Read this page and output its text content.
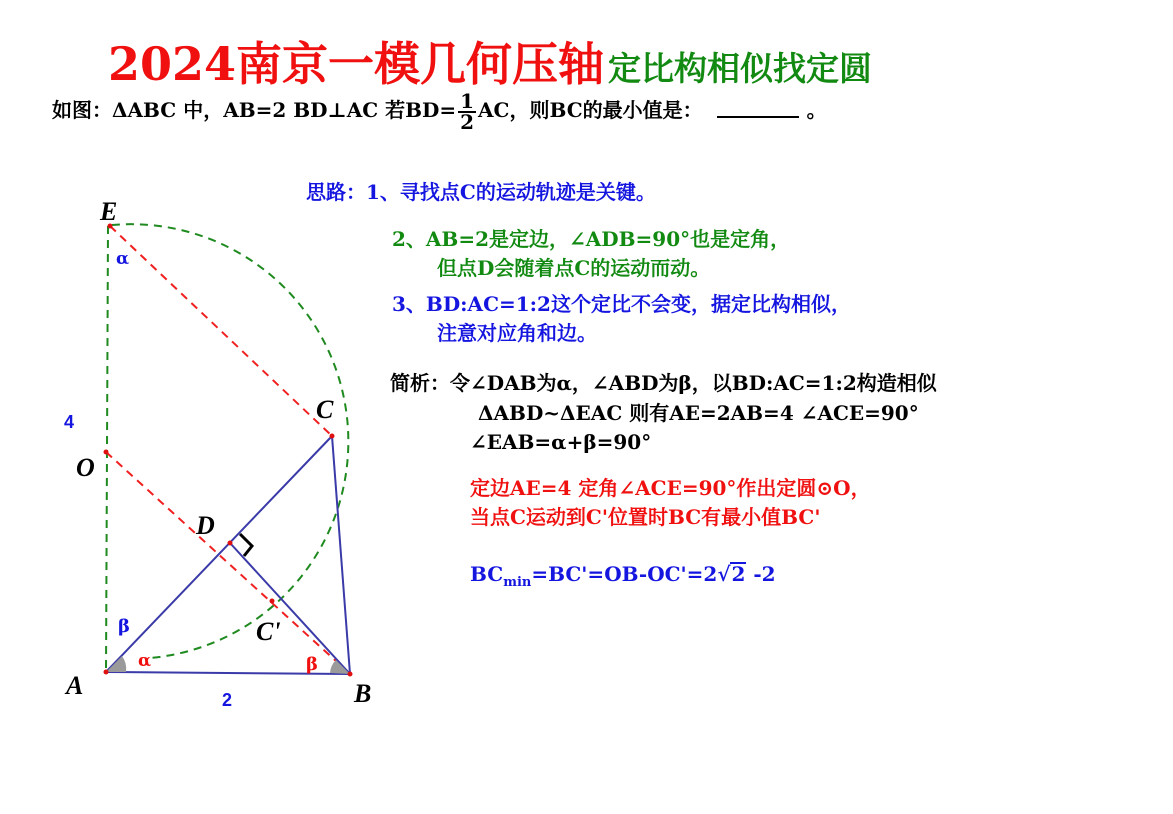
2024南京一模几何压轴 定比构相似找定圆
如图：ΔABC 中，AB=2 BD⊥AC 若$BD= \frac{1}{2}$ AC，则BC的最小值是：	。
思路：1、寻找点C的运动轨迹是关键。
2、AB=2是定边，∠ADB=90°也是定角，
但点D会随着点C的运动而动。
3、BD:AC=1:2这个定比不会变，据定比构相似，
注意对应角和边。
简析：令∠DAB为α，∠ABD为β，以BD:AC=1:2构造相似
ΔABD~ΔEAC 则有AE=2AB=4 ∠ACE=90°
∠EAB=α+β=90°
定边AE=4 定角∠ACE=90°作出定圆⊙O，
当点C运动到C'位置时BC有最小值BC'
$BC_{min}=BC'=OB-OC'=2√2$ -2
E
O
C
D
C'
A	B
4
2
α
α
β
β
